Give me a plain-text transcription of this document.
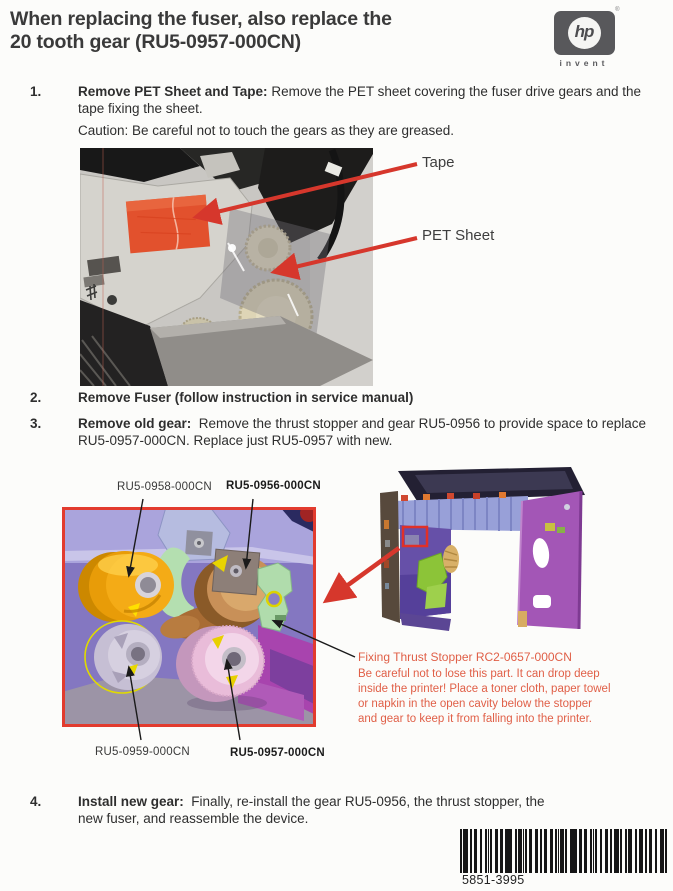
When replacing the fuser, also replace the
20 tooth gear (RU5-0957-000CN)	hp
®
invent
1.	Remove PET Sheet and Tape: Remove the PET sheet covering the fuser drive gears and the tape fixing the sheet.
Caution: Be careful not to touch the gears as they are greased.
Tape
PET Sheet
2.	Remove Fuser (follow instruction in service manual)
3.	Remove old gear:  Remove the thrust stopper and gear RU5-0956 to provide space to replace RU5-0957-000CN. Replace just RU5-0957 with new.
RU5-0958-000CN RU5-0956-000CN
RU5-0959-000CN	RU5-0957-000CN
Fixing Thrust Stopper RC2-0657-000CN
Be careful not to lose this part. It can drop deep inside the printer! Place a toner cloth, paper towel or napkin in the open cavity below the stopper and gear to keep it from falling into the printer.
4.	Install new gear:  Finally, re-install the gear RU5-0956, the thrust stopper, the new fuser, and reassemble the device.
5851-3995
